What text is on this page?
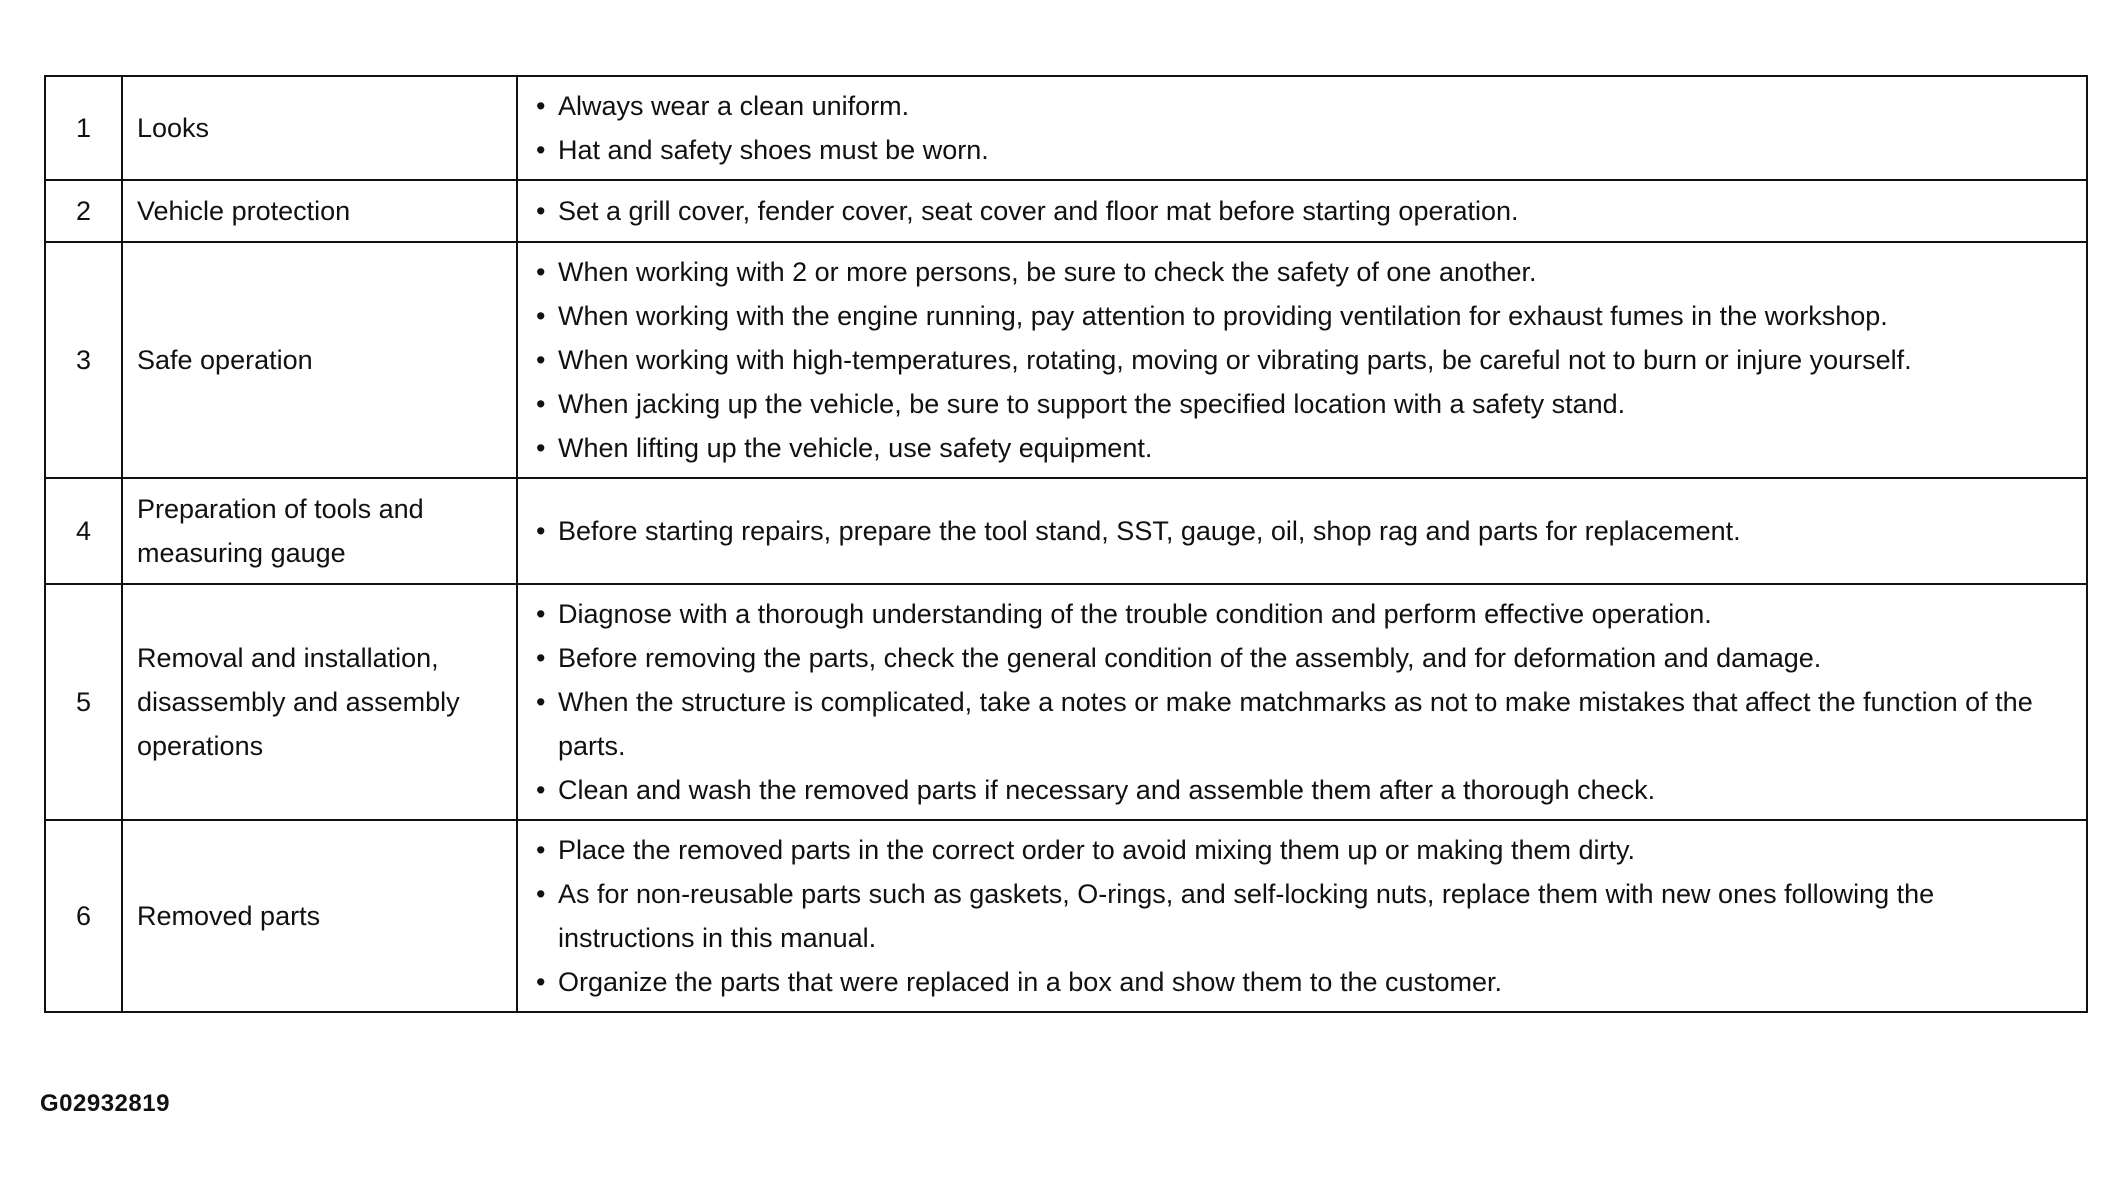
1	Looks	• Always wear a clean uniform.
• Hat and safety shoes must be worn.

2	Vehicle protection	• Set a grill cover, fender cover, seat cover and floor mat before starting operation.

3	Safe operation	• When working with 2 or more persons, be sure to check the safety of one another.
• When working with the engine running, pay attention to providing ventilation for exhaust fumes in the workshop.
• When working with high-temperatures, rotating, moving or vibrating parts, be careful not to burn or injure yourself.
• When jacking up the vehicle, be sure to support the specified location with a safety stand.
• When lifting up the vehicle, use safety equipment.

4	Preparation of tools and measuring gauge	• Before starting repairs, prepare the tool stand, SST, gauge, oil, shop rag and parts for replacement.

5	Removal and installation, disassembly and assembly operations	• Diagnose with a thorough understanding of the trouble condition and perform effective operation.
• Before removing the parts, check the general condition of the assembly, and for deformation and damage.
• When the structure is complicated, take a notes or make matchmarks as not to make mistakes that affect the function of the parts.
• Clean and wash the removed parts if necessary and assemble them after a thorough check.

6	Removed parts	• Place the removed parts in the correct order to avoid mixing them up or making them dirty.
• As for non-reusable parts such as gaskets, O-rings, and self-locking nuts, replace them with new ones following the instructions in this manual.
• Organize the parts that were replaced in a box and show them to the customer.
G02932819
